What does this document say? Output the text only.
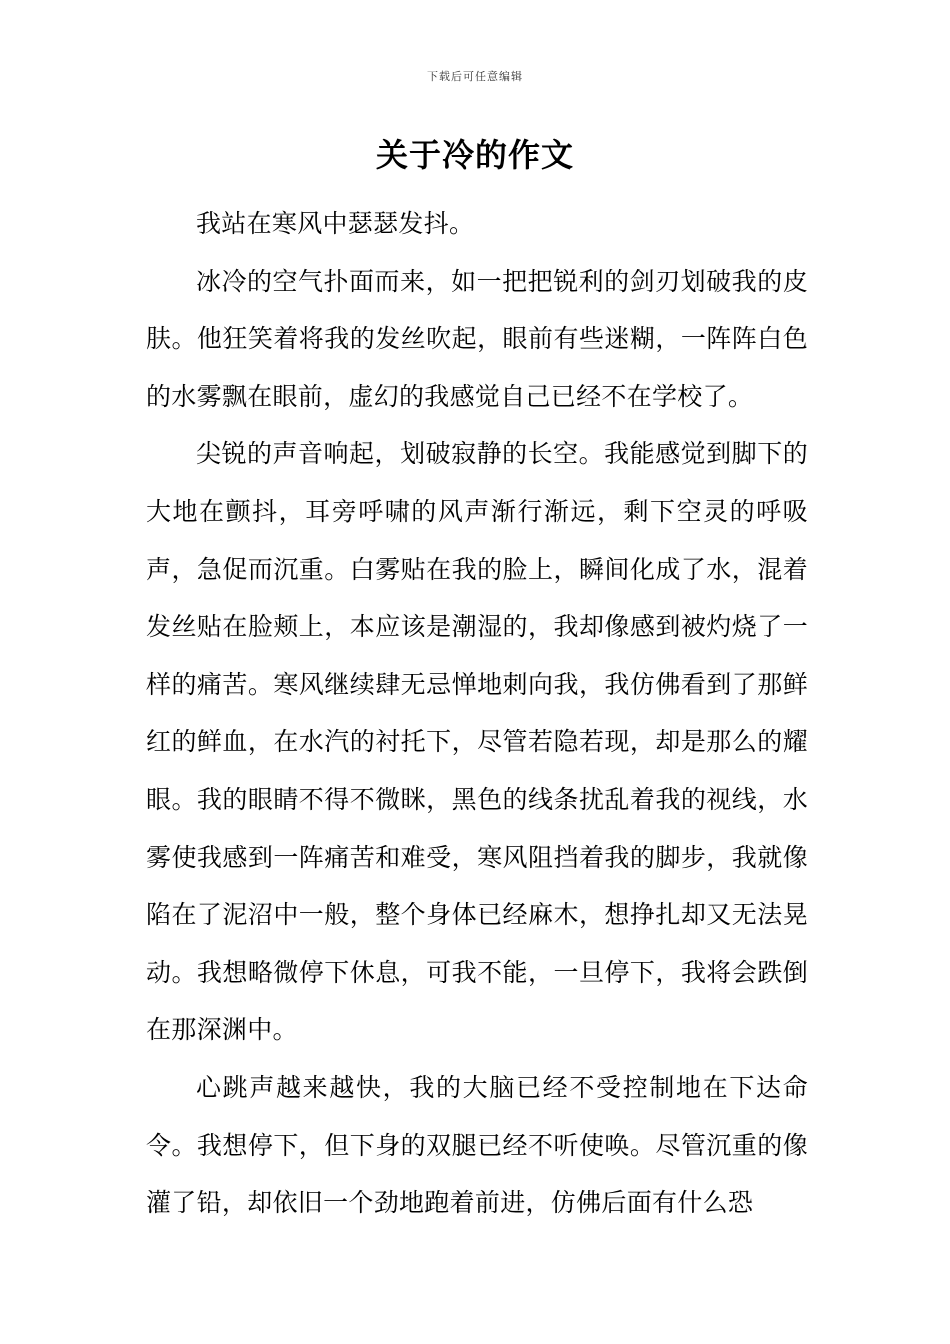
下载后可任意编辑
关于冷的作文

我站在寒风中瑟瑟发抖。

冰冷的空气扑面而来，如一把把锐利的剑刃划破我的皮肤。他狂笑着将我的发丝吹起，眼前有些迷糊，一阵阵白色的水雾飘在眼前，虚幻的我感觉自己已经不在学校了。

尖锐的声音响起，划破寂静的长空。我能感觉到脚下的大地在颤抖，耳旁呼啸的风声渐行渐远，剩下空灵的呼吸声，急促而沉重。白雾贴在我的脸上，瞬间化成了水，混着发丝贴在脸颊上，本应该是潮湿的，我却像感到被灼烧了一样的痛苦。寒风继续肆无忌惮地刺向我，我仿佛看到了那鲜红的鲜血，在水汽的衬托下，尽管若隐若现，却是那么的耀眼。我的眼睛不得不微眯，黑色的线条扰乱着我的视线，水雾使我感到一阵痛苦和难受，寒风阻挡着我的脚步，我就像陷在了泥沼中一般，整个身体已经麻木，想挣扎却又无法晃动。我想略微停下休息，可我不能，一旦停下，我将会跌倒在那深渊中。

心跳声越来越快，我的大脑已经不受控制地在下达命令。我想停下，但下身的双腿已经不听使唤。尽管沉重的像灌了铅，却依旧一个劲地跑着前进，仿佛后面有什么恐
